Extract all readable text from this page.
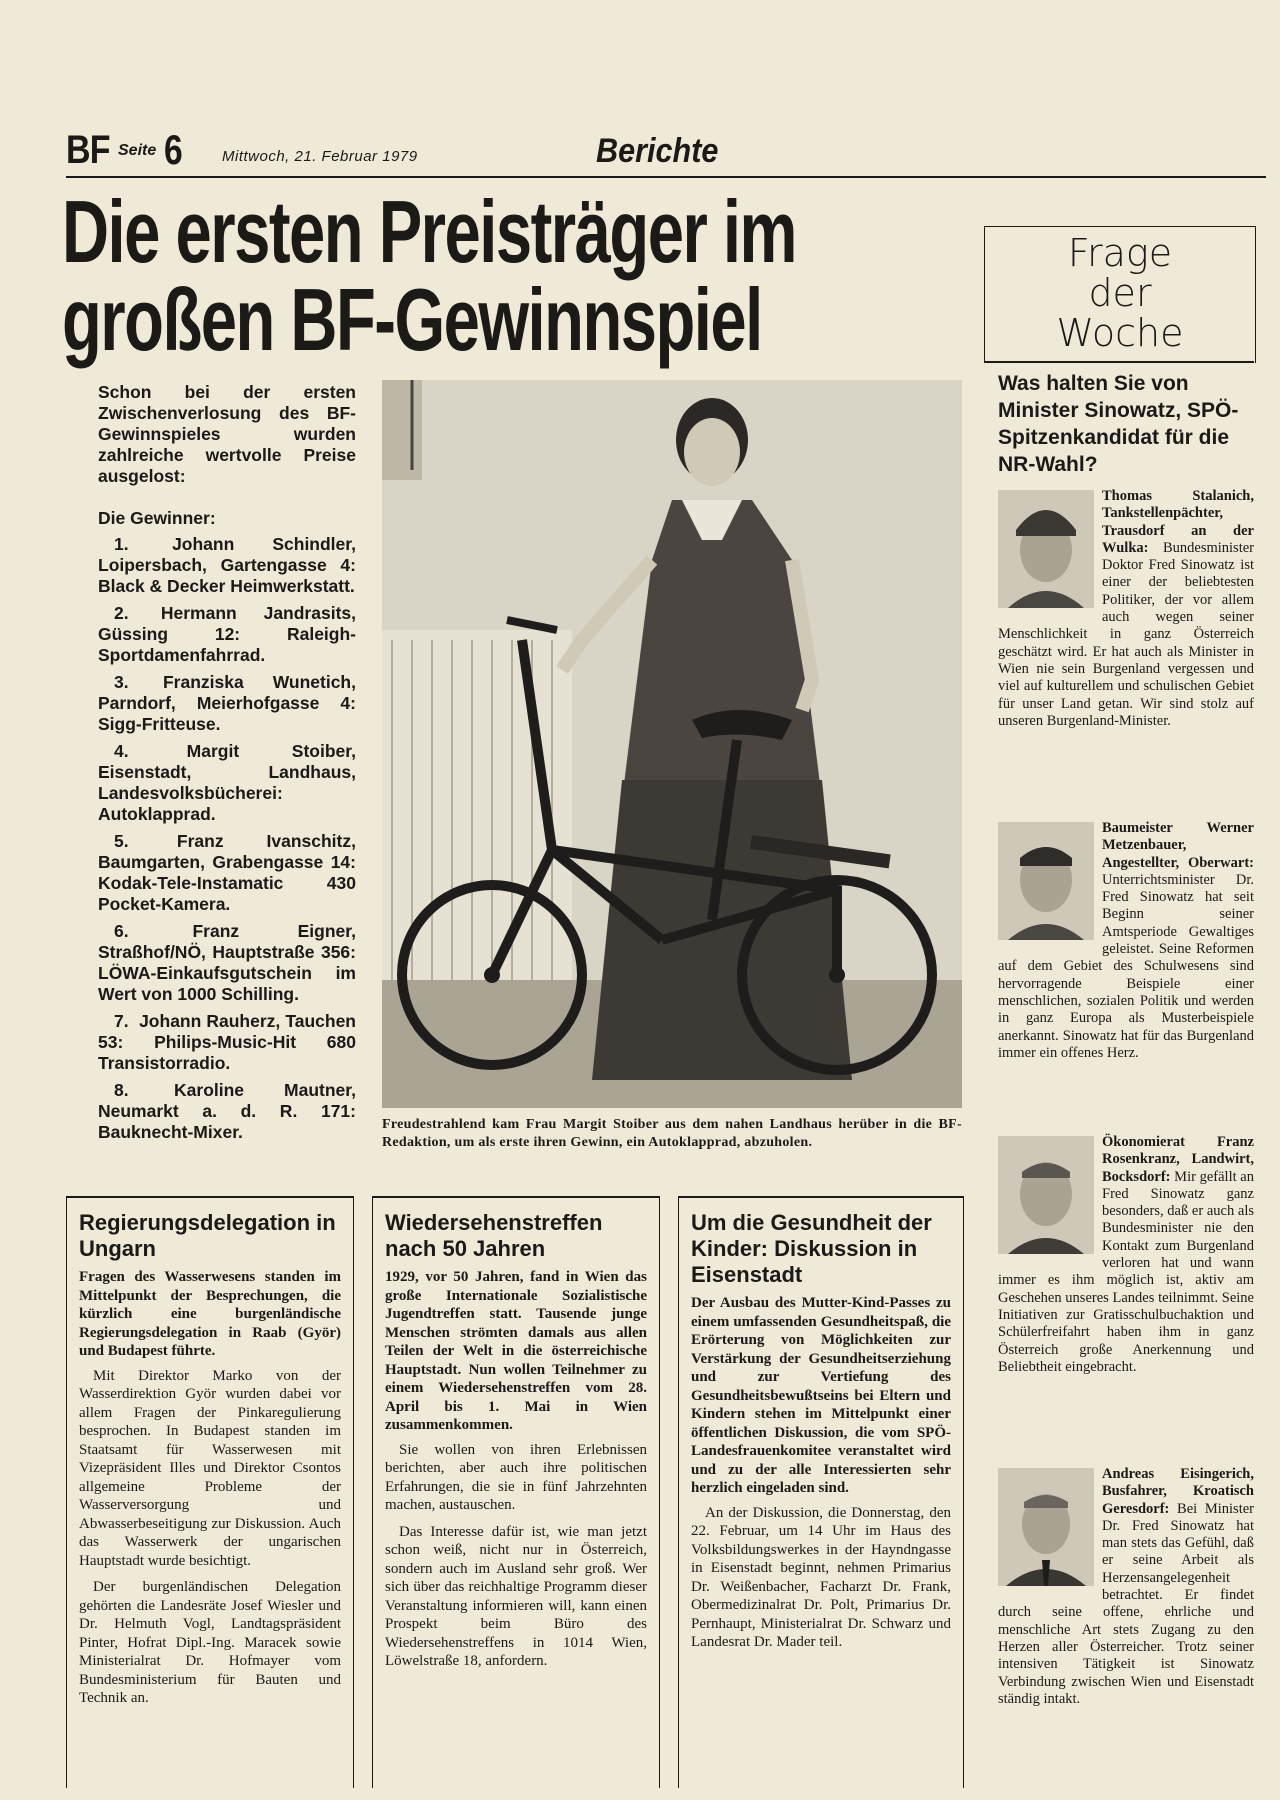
BF Seite 6	Mittwoch, 21. Februar 1979	Berichte
Die ersten Preisträger im
großen BF-Gewinnspiel
Schon bei der ersten Zwischenverlosung des BF-Gewinnspieles wurden zahlreiche wertvolle Preise ausgelost:
Die Gewinner:
1. Johann Schindler, Loipersbach, Gartengasse 4: Black & Decker Heimwerkstatt.
2. Hermann Jandrasits, Güssing 12: Raleigh-Sportdamenfahrrad.
3. Franziska Wunetich, Parndorf, Meierhofgasse 4: Sigg-Fritteuse.
4.	Margit Stoiber, Eisenstadt, Landhaus, Landesvolksbücherei: Autoklapprad.
5.	Franz Ivanschitz, Baumgarten, Grabengasse 14: Kodak-Tele-Instamatic 430 Pocket-Kamera.
6.	Franz Eigner, Straßhof/NÖ, Hauptstraße 356: LÖWA-Einkaufsgutschein im Wert von 1000 Schilling.
7. Johann Rauherz, Tauchen 53: Philips-Music-Hit 680 Transistorradio.
8.	Karoline Mautner, Neumarkt a. d. R. 171: Bauknecht-Mixer.	Freudestrahlend kam Frau Margit Stoiber aus dem nahen Landhaus herüber in die BF-Redaktion, um als erste ihren Gewinn, ein Autoklapprad, abzuholen.
Regierungsdelegation in Ungarn
Fragen des Wasserwesens standen im Mittelpunkt der Besprechungen, die kürzlich eine burgenländische Regierungsdelegation in Raab (Györ) und Budapest führte.

Mit Direktor Marko von der Wasserdirektion Györ wurden dabei vor allem Fragen der Pinkaregulierung besprochen. In Budapest standen im Staatsamt für Wasserwesen mit Vizepräsident Illes und Direktor Csontos allgemeine Probleme der Wasserversorgung und Abwasserbeseitigung zur Diskussion. Auch das Wasserwerk der ungarischen Hauptstadt wurde besichtigt.

Der burgenländischen Delegation gehörten die Landesräte Josef Wiesler und Dr. Helmuth Vogl, Landtagspräsident Pinter, Hofrat Dipl.-Ing. Maracek sowie Ministerialrat Dr. Hofmayer vom Bundesministerium für Bauten und Technik an.

Wiedersehenstreffen nach 50 Jahren
1929, vor 50 Jahren, fand in Wien das große Internationale Sozialistische Jugendtreffen statt. Tausende junge Menschen strömten damals aus allen Teilen der Welt in die österreichische Hauptstadt. Nun wollen Teilnehmer zu einem Wiedersehenstreffen vom 28. April bis 1. Mai in Wien zusammenkommen.

Sie wollen von ihren Erlebnissen berichten, aber auch ihre politischen Erfahrungen, die sie in fünf Jahrzehnten machen, austauschen.

Das Interesse dafür ist, wie man jetzt schon weiß, nicht nur in Österreich, sondern auch im Ausland sehr groß. Wer sich über das reichhaltige Programm dieser Veranstaltung informieren will, kann einen Prospekt beim Büro des Wiedersehenstreffens in 1014 Wien, Löwelstraße 18, anfordern.

Um die Gesundheit der Kinder: Diskussion in Eisenstadt
Der Ausbau des Mutter-Kind-Passes zu einem umfassenden Gesundheitspaß, die Erörterung von Möglichkeiten zur Verstärkung der Gesundheitserziehung und zur Vertiefung des Gesundheitsbewußtseins bei Eltern und Kindern stehen im Mittelpunkt einer öffentlichen Diskussion, die vom SPÖ-Landesfrauenkomitee veranstaltet wird und zu der alle Interessierten sehr herzlich eingeladen sind.

An der Diskussion, die Donnerstag, den 22. Februar, um 14 Uhr im Haus des Volksbildungswerkes in der Hayndngasse in Eisenstadt beginnt, nehmen Primarius Dr. Weißenbacher, Facharzt Dr. Frank, Obermedizinalrat Dr. Polt, Primarius Dr. Pernhaupt, Ministerialrat Dr. Schwarz und Landesrat Dr. Mader teil.

Frage
der
Woche
Was halten Sie von Minister Sinowatz, SPÖ-Spitzenkandidat für die NR-Wahl?

Thomas Stalanich, Tankstellenpächter, Trausdorf an der Wulka: Bundesminister Doktor Fred Sinowatz ist einer der beliebtesten Politiker, der vor allem auch wegen seiner Menschlichkeit in ganz Österreich geschätzt wird. Er hat auch als Minister in Wien nie sein Burgenland vergessen und viel auf kulturellem und schulischen Gebiet für unser Land getan. Wir sind stolz auf unseren Burgenland-Minister.

Baumeister Werner Metzenbauer, Angestellter, Oberwart: Unterrichtsminister Dr. Fred Sinowatz hat seit Beginn seiner Amtsperiode Gewaltiges geleistet. Seine Reformen auf dem Gebiet des Schulwesens sind hervorragende Beispiele einer menschlichen, sozialen Politik und werden in ganz Europa als Musterbeispiele anerkannt. Sinowatz hat für das Burgenland immer ein offenes Herz.

Ökonomierat Franz Rosenkranz, Landwirt, Bocksdorf: Mir gefällt an Fred Sinowatz ganz besonders, daß er auch als Bundesminister nie den Kontakt zum Burgenland verloren hat und wann immer es ihm möglich ist, aktiv am Geschehen unseres Landes teilnimmt. Seine Initiativen zur Gratisschulbuchaktion und Schülerfreifahrt haben ihm in ganz Österreich große Anerkennung und Beliebtheit eingebracht.

Andreas Eisingerich, Busfahrer, Kroatisch Geresdorf: Bei Minister Dr. Fred Sinowatz hat man stets das Gefühl, daß er seine Arbeit als Herzensangelegenheit betrachtet. Er findet durch seine offene, ehrliche und menschliche Art stets Zugang zu den Herzen aller Österreicher. Trotz seiner intensiven Tätigkeit ist Sinowatz Verbindung zwischen Wien und Eisenstadt ständig intakt.
